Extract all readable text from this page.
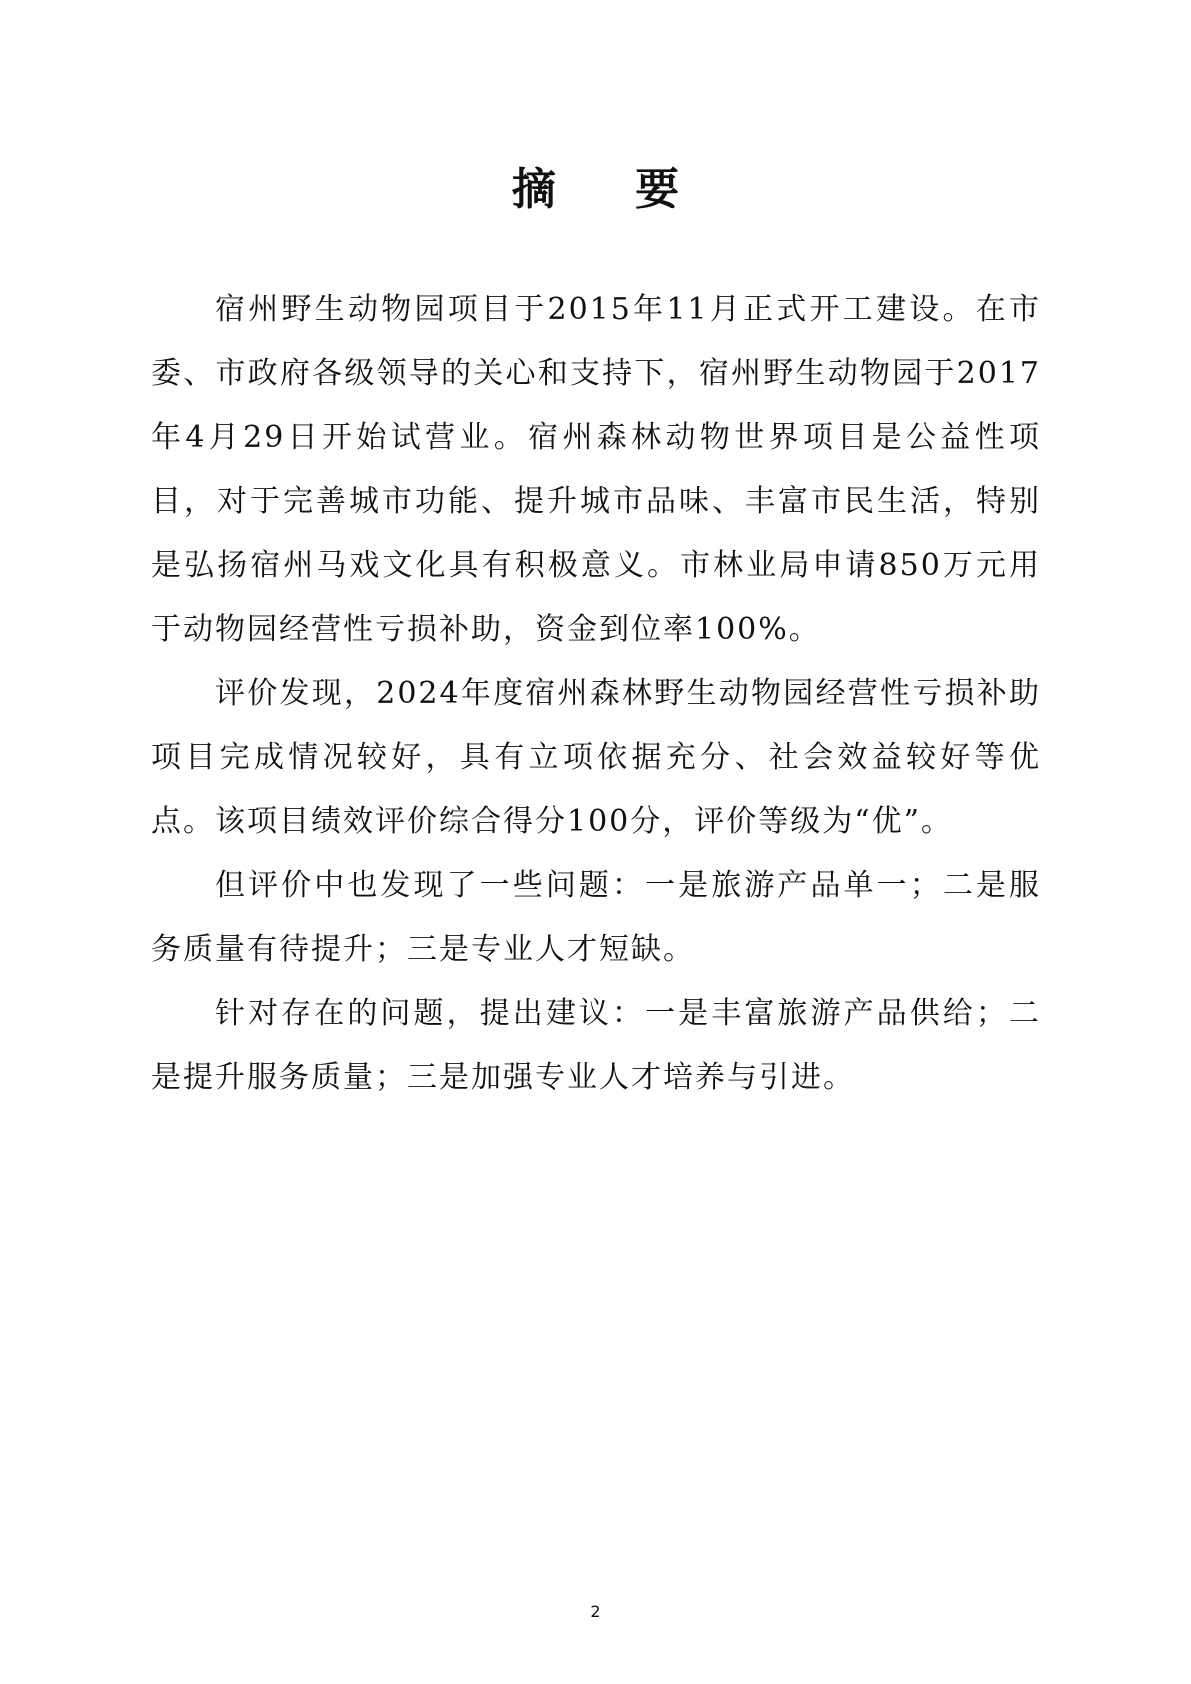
摘 要

宿州野生动物园项目于2015年11月正式开工建设。在市委、市政府各级领导的关心和支持下，宿州野生动物园于2017年4月29日开始试营业。宿州森林动物世界项目是公益性项目，对于完善城市功能、提升城市品味、丰富市民生活，特别是弘扬宿州马戏文化具有积极意义。市林业局申请850万元用于动物园经营性亏损补助，资金到位率100%。

评价发现，2024年度宿州森林野生动物园经营性亏损补助项目完成情况较好，具有立项依据充分、社会效益较好等优点。该项目绩效评价综合得分100分，评价等级为“优”。

但评价中也发现了一些问题：一是旅游产品单一；二是服务质量有待提升；三是专业人才短缺。

针对存在的问题，提出建议：一是丰富旅游产品供给；二是提升服务质量；三是加强专业人才培养与引进。

2
